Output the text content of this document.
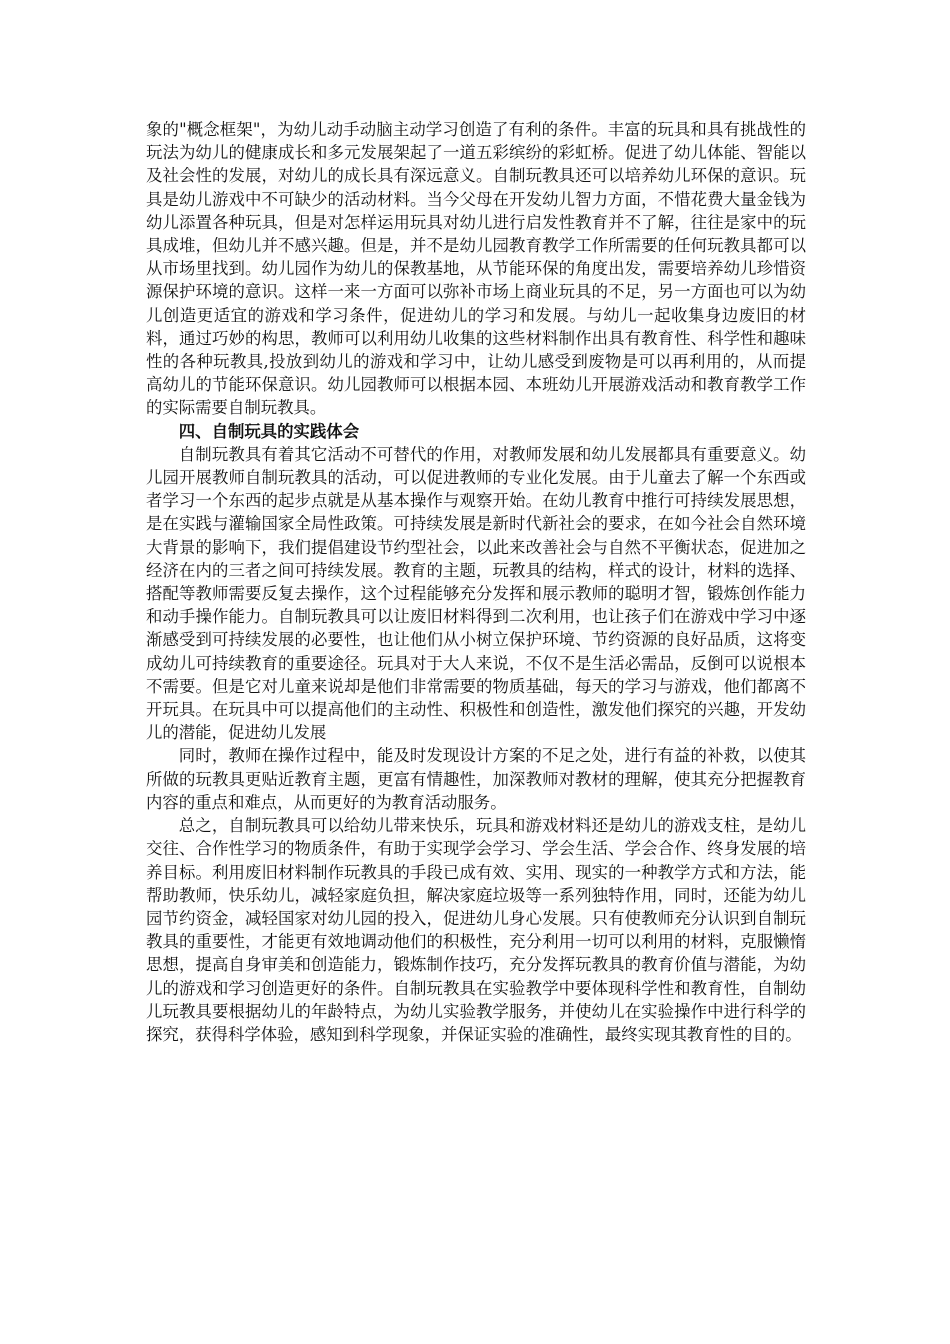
象的"概念框架"，为幼儿动手动脑主动学习创造了有利的条件。丰富的玩具和具有挑战性的玩法为幼儿的健康成长和多元发展架起了一道五彩缤纷的彩虹桥。促进了幼儿体能、智能以及社会性的发展，对幼儿的成长具有深远意义。自制玩教具还可以培养幼儿环保的意识。玩具是幼儿游戏中不可缺少的活动材料。当今父母在开发幼儿智力方面，不惜花费大量金钱为幼儿添置各种玩具，但是对怎样运用玩具对幼儿进行启发性教育并不了解，往往是家中的玩具成堆，但幼儿并不感兴趣。但是，并不是幼儿园教育教学工作所需要的任何玩教具都可以从市场里找到。幼儿园作为幼儿的保教基地，从节能环保的角度出发，需要培养幼儿珍惜资源保护环境的意识。这样一来一方面可以弥补市场上商业玩具的不足，另一方面也可以为幼儿创造更适宜的游戏和学习条件，促进幼儿的学习和发展。与幼儿一起收集身边废旧的材料，通过巧妙的构思，教师可以利用幼儿收集的这些材料制作出具有教育性、科学性和趣味性的各种玩教具,投放到幼儿的游戏和学习中，让幼儿感受到废物是可以再利用的，从而提高幼儿的节能环保意识。幼儿园教师可以根据本园、本班幼儿开展游戏活动和教育教学工作的实际需要自制玩教具。

四、自制玩具的实践体会

自制玩教具有着其它活动不可替代的作用，对教师发展和幼儿发展都具有重要意义。幼儿园开展教师自制玩教具的活动，可以促进教师的专业化发展。由于儿童去了解一个东西或者学习一个东西的起步点就是从基本操作与观察开始。在幼儿教育中推行可持续发展思想，是在实践与灌输国家全局性政策。可持续发展是新时代新社会的要求，在如今社会自然环境大背景的影响下，我们提倡建设节约型社会，以此来改善社会与自然不平衡状态，促进加之经济在内的三者之间可持续发展。教育的主题，玩教具的结构，样式的设计，材料的选择、搭配等教师需要反复去操作，这个过程能够充分发挥和展示教师的聪明才智，锻炼创作能力和动手操作能力。自制玩教具可以让废旧材料得到二次利用，也让孩子们在游戏中学习中逐渐感受到可持续发展的必要性，也让他们从小树立保护环境、节约资源的良好品质，这将变成幼儿可持续教育的重要途径。玩具对于大人来说，不仅不是生活必需品，反倒可以说根本不需要。但是它对儿童来说却是他们非常需要的物质基础，每天的学习与游戏，他们都离不开玩具。在玩具中可以提高他们的主动性、积极性和创造性，激发他们探究的兴趣，开发幼儿的潜能，促进幼儿发展

同时，教师在操作过程中，能及时发现设计方案的不足之处，进行有益的补救，以使其所做的玩教具更贴近教育主题，更富有情趣性，加深教师对教材的理解，使其充分把握教育内容的重点和难点，从而更好的为教育活动服务。

总之，自制玩教具可以给幼儿带来快乐，玩具和游戏材料还是幼儿的游戏支柱，是幼儿交往、合作性学习的物质条件，有助于实现学会学习、学会生活、学会合作、终身发展的培养目标。利用废旧材料制作玩教具的手段已成有效、实用、现实的一种教学方式和方法，能帮助教师，快乐幼儿，减轻家庭负担，解决家庭垃圾等一系列独特作用，同时，还能为幼儿园节约资金，减轻国家对幼儿园的投入，促进幼儿身心发展。只有使教师充分认识到自制玩教具的重要性，才能更有效地调动他们的积极性，充分利用一切可以利用的材料，克服懒惰思想，提高自身审美和创造能力，锻炼制作技巧，充分发挥玩教具的教育价值与潜能，为幼儿的游戏和学习创造更好的条件。自制玩教具在实验教学中要体现科学性和教育性，自制幼儿玩教具要根据幼儿的年龄特点，为幼儿实验教学服务，并使幼儿在实验操作中进行科学的探究，获得科学体验，感知到科学现象，并保证实验的准确性，最终实现其教育性的目的。
